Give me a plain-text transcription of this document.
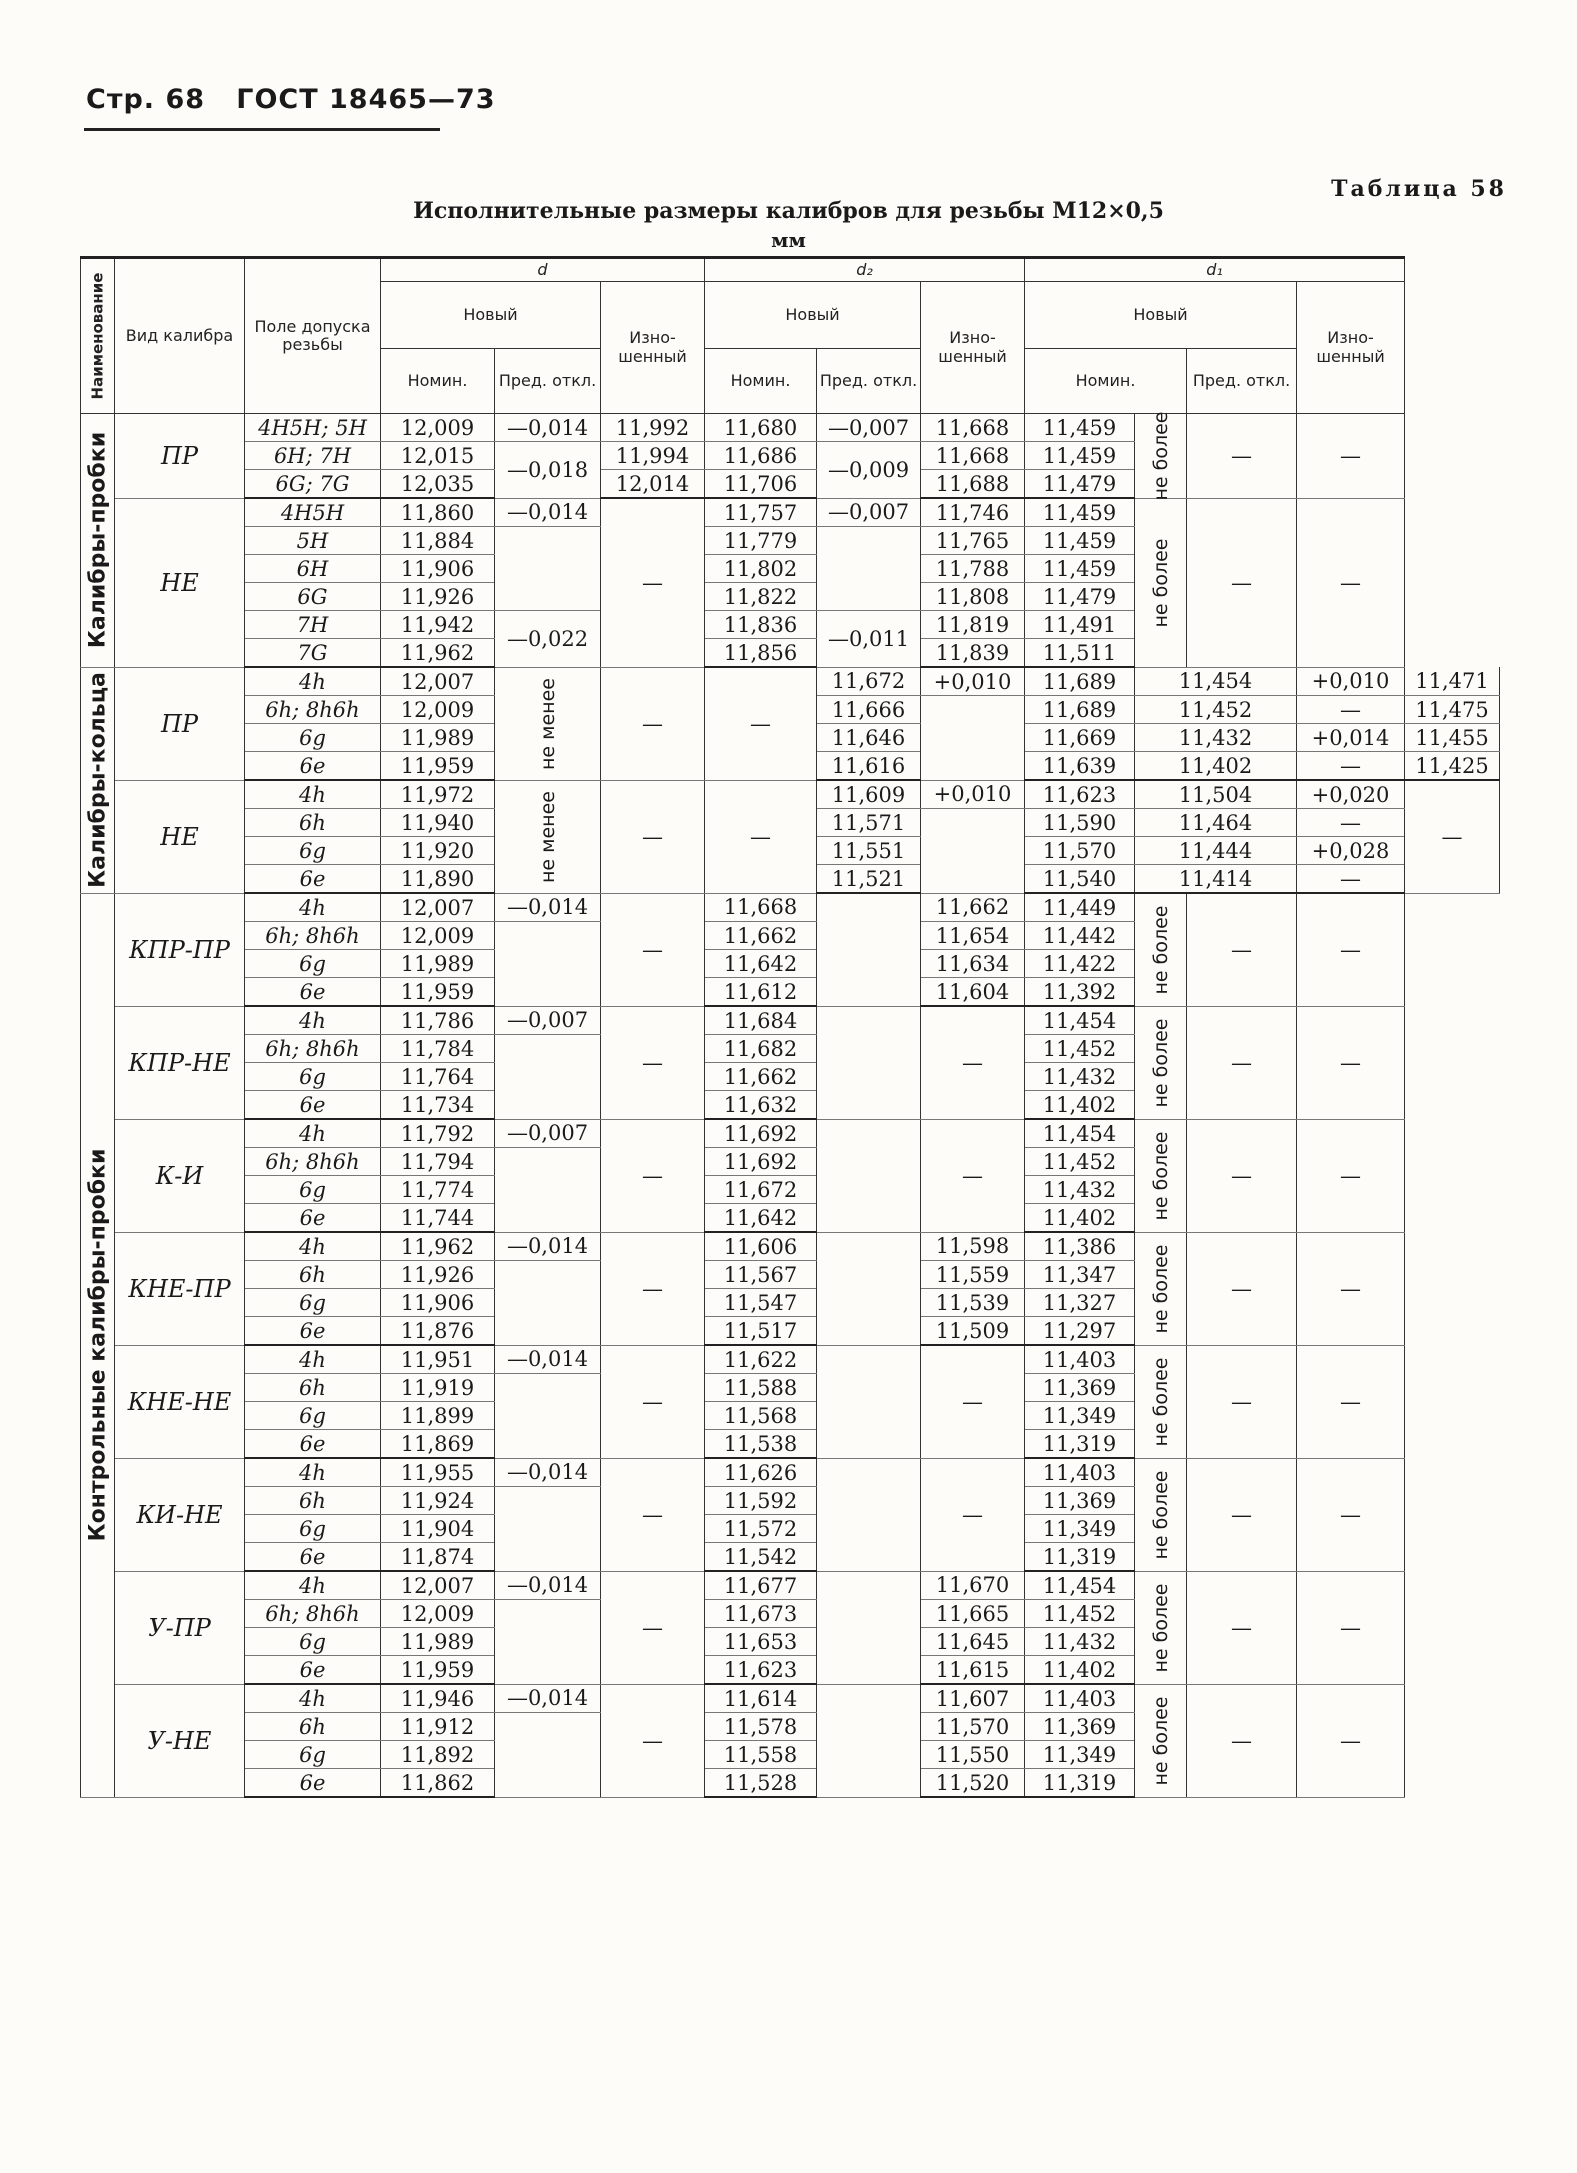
Стр. 68 ГОСТ 18465—73
Таблица 58
Исполнительные размеры калибров для резьбы М12×0,5
мм
Наименование	Вид калибра	Поле допуска резьбы	d			d₂			d₁				
			Новый		Изно-шенный	Новый		Изно-шенный	Новый			Изно-шенный	
			Номин.	Пред. откл.		Номин.	Пред. откл.		Номин.		Пред. откл.		

Калибры-пробки	ПР	4Н5Н; 5Н	12,009	—0,014	11,992	11,680	—0,007	11,668	11,459	не более	—	—	
		6Н; 7Н	12,015	—0,018	11,994	11,686	—0,009	11,668	11,459				
		6G; 7G	12,035		12,014	11,706		11,688	11,479				
	НЕ	4Н5Н	11,860	—0,014	—	11,757	—0,007	11,746	11,459	не более	—	—	
		5Н	11,884			11,779		11,765	11,459				
		6Н	11,906			11,802		11,788	11,459				
		6G	11,926			11,822		11,808	11,479				
		7Н	11,942	—0,022		11,836	—0,011	11,819	11,491				
		7G	11,962			11,856		11,839	11,511				

Калибры-кольца	ПР	4h	12,007	не менее	—	—	11,672	+0,010	11,689	11,454		+0,010	11,471
		6h; 8h6h	12,009				11,666		11,689	11,452		—	11,475
		6g	11,989				11,646		11,669	11,432		+0,014	11,455
		6e	11,959				11,616		11,639	11,402		—	11,425
	НЕ	4h	11,972	не менее	—	—	11,609	+0,010	11,623	11,504		+0,020	—
		6h	11,940				11,571		11,590	11,464		—	
		6g	11,920				11,551		11,570	11,444		+0,028	
		6e	11,890				11,521		11,540	11,414		—	

Контрольные калибры-пробки	КПР-ПР	4h	12,007	—0,014	—	11,668		11,662	11,449	не более	—	—	
		6h; 8h6h	12,009			11,662		11,654	11,442				
		6g	11,989			11,642		11,634	11,422				
		6e	11,959			11,612		11,604	11,392				
	КПР-НЕ	4h	11,786	—0,007	—	11,684		—	11,454	не более	—	—	
		6h; 8h6h	11,784			11,682			11,452				
		6g	11,764			11,662			11,432				
		6e	11,734			11,632			11,402				
	К-И	4h	11,792	—0,007	—	11,692		—	11,454	не более	—	—	
		6h; 8h6h	11,794			11,692			11,452				
		6g	11,774			11,672			11,432				
		6e	11,744			11,642			11,402				
	КНЕ-ПР	4h	11,962	—0,014	—	11,606		11,598	11,386	не более	—	—	
		6h	11,926			11,567		11,559	11,347				
		6g	11,906			11,547		11,539	11,327				
		6e	11,876			11,517		11,509	11,297				
	КНЕ-НЕ	4h	11,951	—0,014	—	11,622		—	11,403	не более	—	—	
		6h	11,919			11,588			11,369				
		6g	11,899			11,568			11,349				
		6e	11,869			11,538			11,319				
	КИ-НЕ	4h	11,955	—0,014	—	11,626		—	11,403	не более	—	—	
		6h	11,924			11,592			11,369				
		6g	11,904			11,572			11,349				
		6e	11,874			11,542			11,319				
	У-ПР	4h	12,007	—0,014	—	11,677		11,670	11,454	не более	—	—	
		6h; 8h6h	12,009			11,673		11,665	11,452				
		6g	11,989			11,653		11,645	11,432				
		6e	11,959			11,623		11,615	11,402				
	У-НЕ	4h	11,946	—0,014	—	11,614		11,607	11,403	не более	—	—	
		6h	11,912			11,578		11,570	11,369				
		6g	11,892			11,558		11,550	11,349				
		6e	11,862			11,528		11,520	11,319				
